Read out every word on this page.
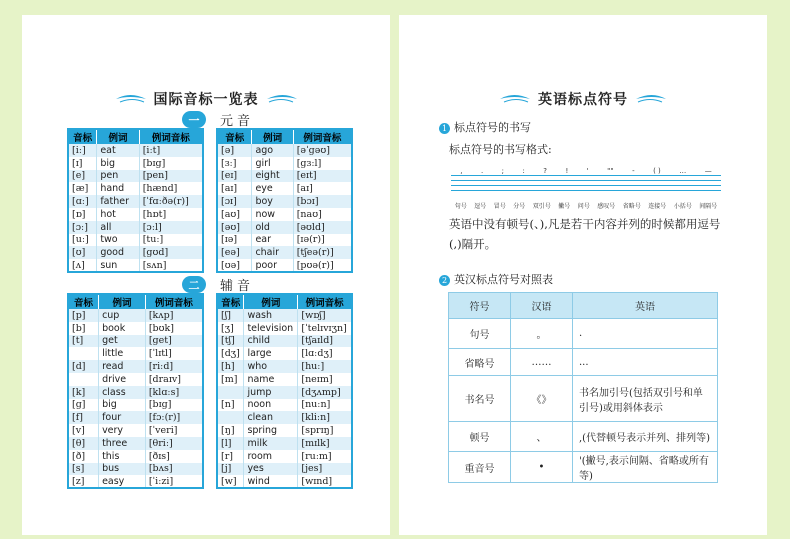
国际音标一览表
一	元音
音标	例词	例词音标
[iː]	eat	[iːt]
[ɪ]	big	[bɪg]
[e]	pen	[pen]
[æ]	hand	[hænd]
[ɑː]	father	[ˈfɑːðə(r)]
[ɒ]	hot	[hɒt]
[ɔː]	all	[ɔːl]
[uː]	two	[tuː]
[ʊ]	good	[gʊd]
[ʌ]	sun	[sʌn]
音标	例词	例词音标
[ə]	ago	[əˈgəʊ]
[ɜː]	girl	[gɜːl]
[eɪ]	eight	[eɪt]
[aɪ]	eye	[aɪ]
[ɔɪ]	boy	[bɔɪ]
[aʊ]	now	[naʊ]
[əʊ]	old	[əʊld]
[ɪə]	ear	[ɪə(r)]
[eə]	chair	[tʃeə(r)]
[ʊə]	poor	[pʊə(r)]
二	辅音
音标	例词	例词音标
[p]	cup	[kʌp]
[b]	book	[bʊk]
[t]	get	[get]
	little	[ˈlɪtl]
[d]	read	[riːd]
	drive	[draɪv]
[k]	class	[klɑːs]
[g]	big	[bɪg]
[f]	four	[fɔː(r)]
[v]	very	[ˈveri]
[θ]	three	[θriː]
[ð]	this	[ðɪs]
[s]	bus	[bʌs]
[z]	easy	[ˈiːzi]
音标	例词	例词音标
[ʃ]	wash	[wɒʃ]
[ʒ]	television	[ˈtelɪvɪʒn]
[tʃ]	child	[tʃaɪld]
[dʒ]	large	[lɑːdʒ]
[h]	who	[huː]
[m]	name	[neɪm]
	jump	[dʒʌmp]
[n]	noon	[nuːn]
	clean	[kliːn]
[ŋ]	spring	[sprɪŋ]
[l]	milk	[mɪlk]
[r]	room	[ruːm]
[j]	yes	[jes]
[w]	wind	[wɪnd]
英语标点符号
1 标点符号的书写
标点符号的书写格式:
,	.	;	:	?	!	'	""	-	( )	…	—
句号 逗号 冒号 分号 双引号 撇号 问号 感叹号 省略号 连接号 小括号 间隔号
英语中没有顿号(、),凡是若干内容并列的时候都用逗号
(,)隔开。
2 英汉标点符号对照表
符号	汉语	英语
句号	。	.
省略号	……	...
书名号	《》	书名加引号(包括双引号和单引号)或用斜体表示
顿号	、	,(代替顿号表示并列、排列等)
重音号	•	'(撇号,表示间隔、省略或所有等)
